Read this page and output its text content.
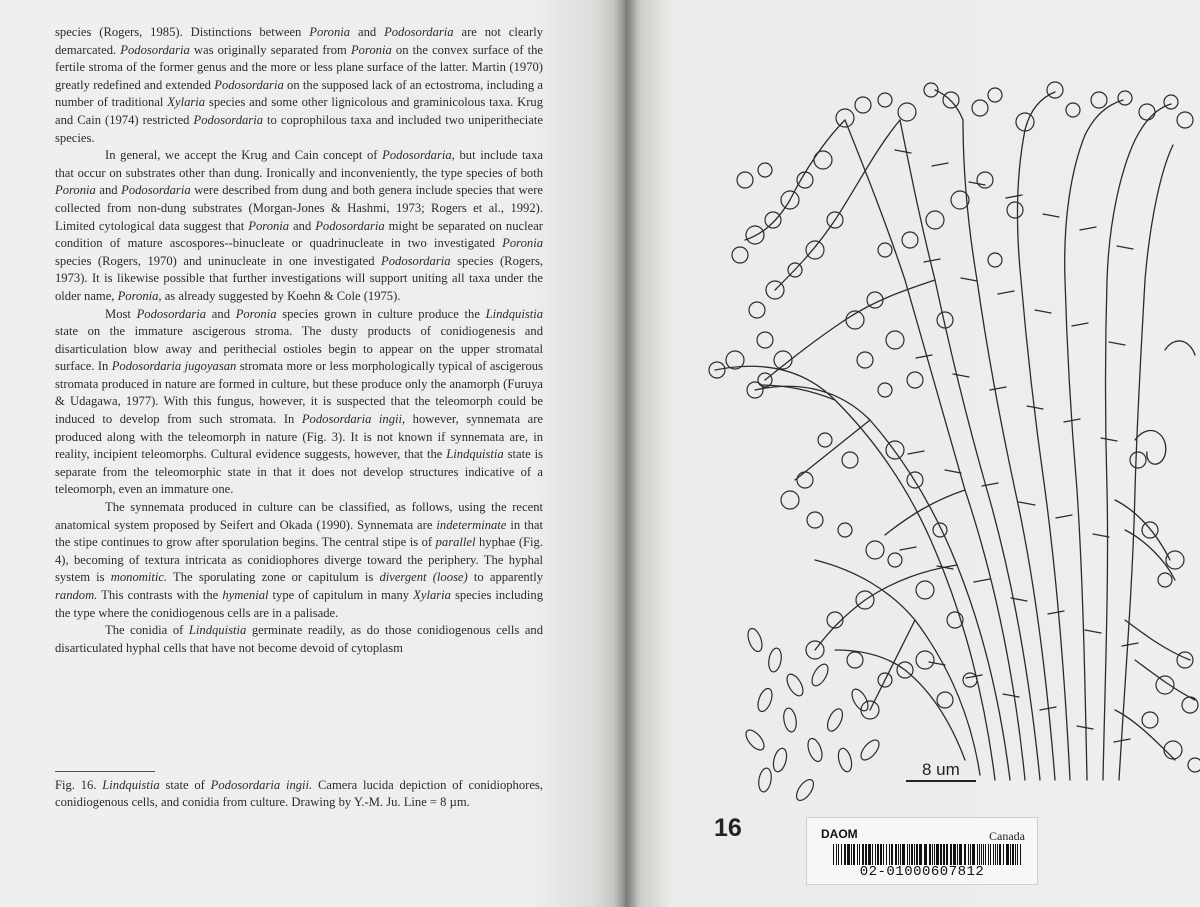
species (Rogers, 1985). Distinctions between Poronia and Podosordaria are not clearly demarcated. Podosordaria was originally separated from Poronia on the convex surface of the fertile stroma of the former genus and the more or less plane surface of the latter. Martin (1970) greatly redefined and extended Podosordaria on the supposed lack of an ectostroma, including a number of traditional Xylaria species and some other lignicolous and graminicolous taxa. Krug and Cain (1974) restricted Podosordaria to coprophilous taxa and included two uniperitheciate species.

In general, we accept the Krug and Cain concept of Podosordaria, but include taxa that occur on substrates other than dung. Ironically and inconveniently, the type species of both Poronia and Podosordaria were described from dung and both genera include species that were collected from non-dung substrates (Morgan-Jones & Hashmi, 1973; Rogers et al., 1992). Limited cytological data suggest that Poronia and Podosordaria might be separated on nuclear condition of mature ascospores--binucleate or quadrinucleate in two investigated Poronia species (Rogers, 1970) and uninucleate in one investigated Podosordaria species (Rogers, 1973). It is likewise possible that further investigations will support uniting all taxa under the older name, Poronia, as already suggested by Koehn & Cole (1975).

Most Podosordaria and Poronia species grown in culture produce the Lindquistia state on the immature ascigerous stroma. The dusty products of conidiogenesis and disarticulation blow away and perithecial ostioles begin to appear on the upper stromatal surface. In Podosordaria jugoyasan stromata more or less morphologically typical of ascigerous stromata produced in nature are formed in culture, but these produce only the anamorph (Furuya & Udagawa, 1977). With this fungus, however, it is suspected that the teleomorph could be induced to develop from such stromata. In Podosordaria ingii, however, synnemata are produced along with the teleomorph in nature (Fig. 3). It is not known if synnemata are, in reality, incipient teleomorphs. Cultural evidence suggests, however, that the Lindquistia state is separate from the teleomorphic state in that it does not develop structures indicative of a teleomorph, even an immature one.

The synnemata produced in culture can be classified, as follows, using the recent anatomical system proposed by Seifert and Okada (1990). Synnemata are indeterminate in that the stipe continues to grow after sporulation begins. The central stipe is of parallel hyphae (Fig. 4), becoming of textura intricata as conidiophores diverge toward the periphery. The hyphal system is monomitic. The sporulating zone or capitulum is divergent (loose) to apparently random. This contrasts with the hymenial type of capitulum in many Xylaria species including the type where the conidiogenous cells are in a palisade.

The conidia of Lindquistia germinate readily, as do those conidiogenous cells and disarticulated hyphal cells that have not become devoid of cytoplasm

Fig. 16. Lindquistia state of Podosordaria ingii. Camera lucida depiction of conidiophores, conidiogenous cells, and conidia from culture. Drawing by Y.-M. Ju. Line = 8 µm.
8 um
16	DAOM	Canada
02-01000607812
